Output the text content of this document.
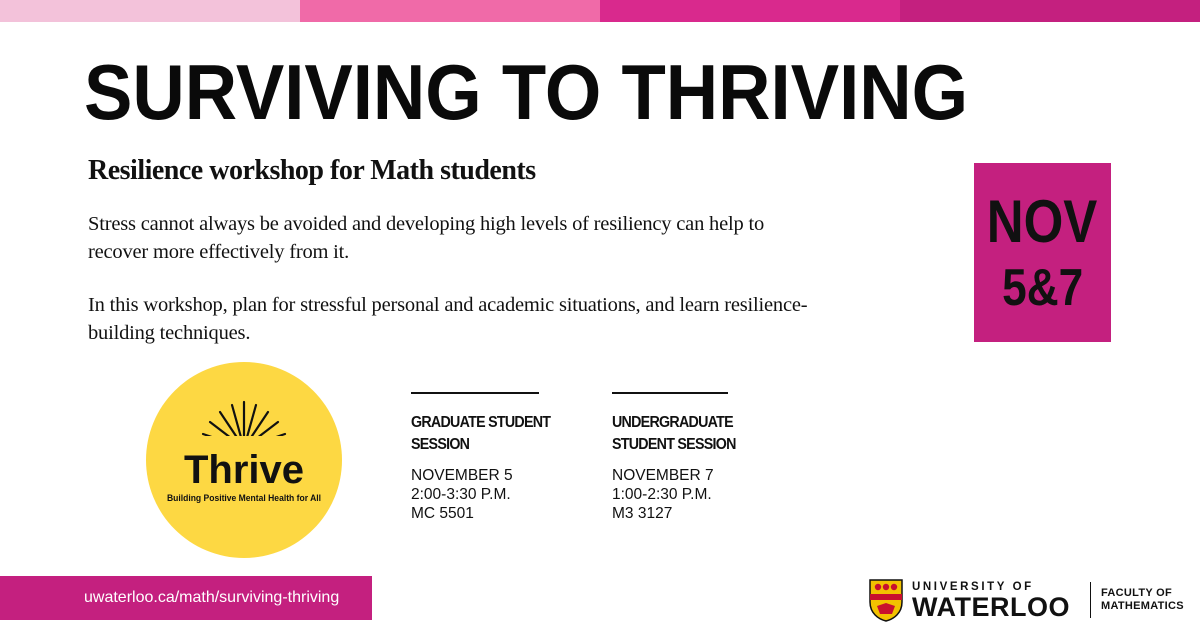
SURVIVING TO THRIVING
Resilience workshop for Math students

Stress cannot always be avoided and developing high levels of resiliency can help to recover more effectively from it.

In this workshop, plan for stressful personal and academic situations, and learn resilience-building techniques.

NOV
5&7
Thrive
Building Positive Mental Health for All
GRADUATE STUDENT SESSION
NOVEMBER 5
2:00-3:30 P.M.
MC 5501
UNDERGRADUATE STUDENT SESSION
NOVEMBER 7
1:00-2:30 P.M.
M3 3127
uwaterloo.ca/math/surviving-thriving
UNIVERSITY OF
WATERLOO	FACULTY OF
MATHEMATICS
